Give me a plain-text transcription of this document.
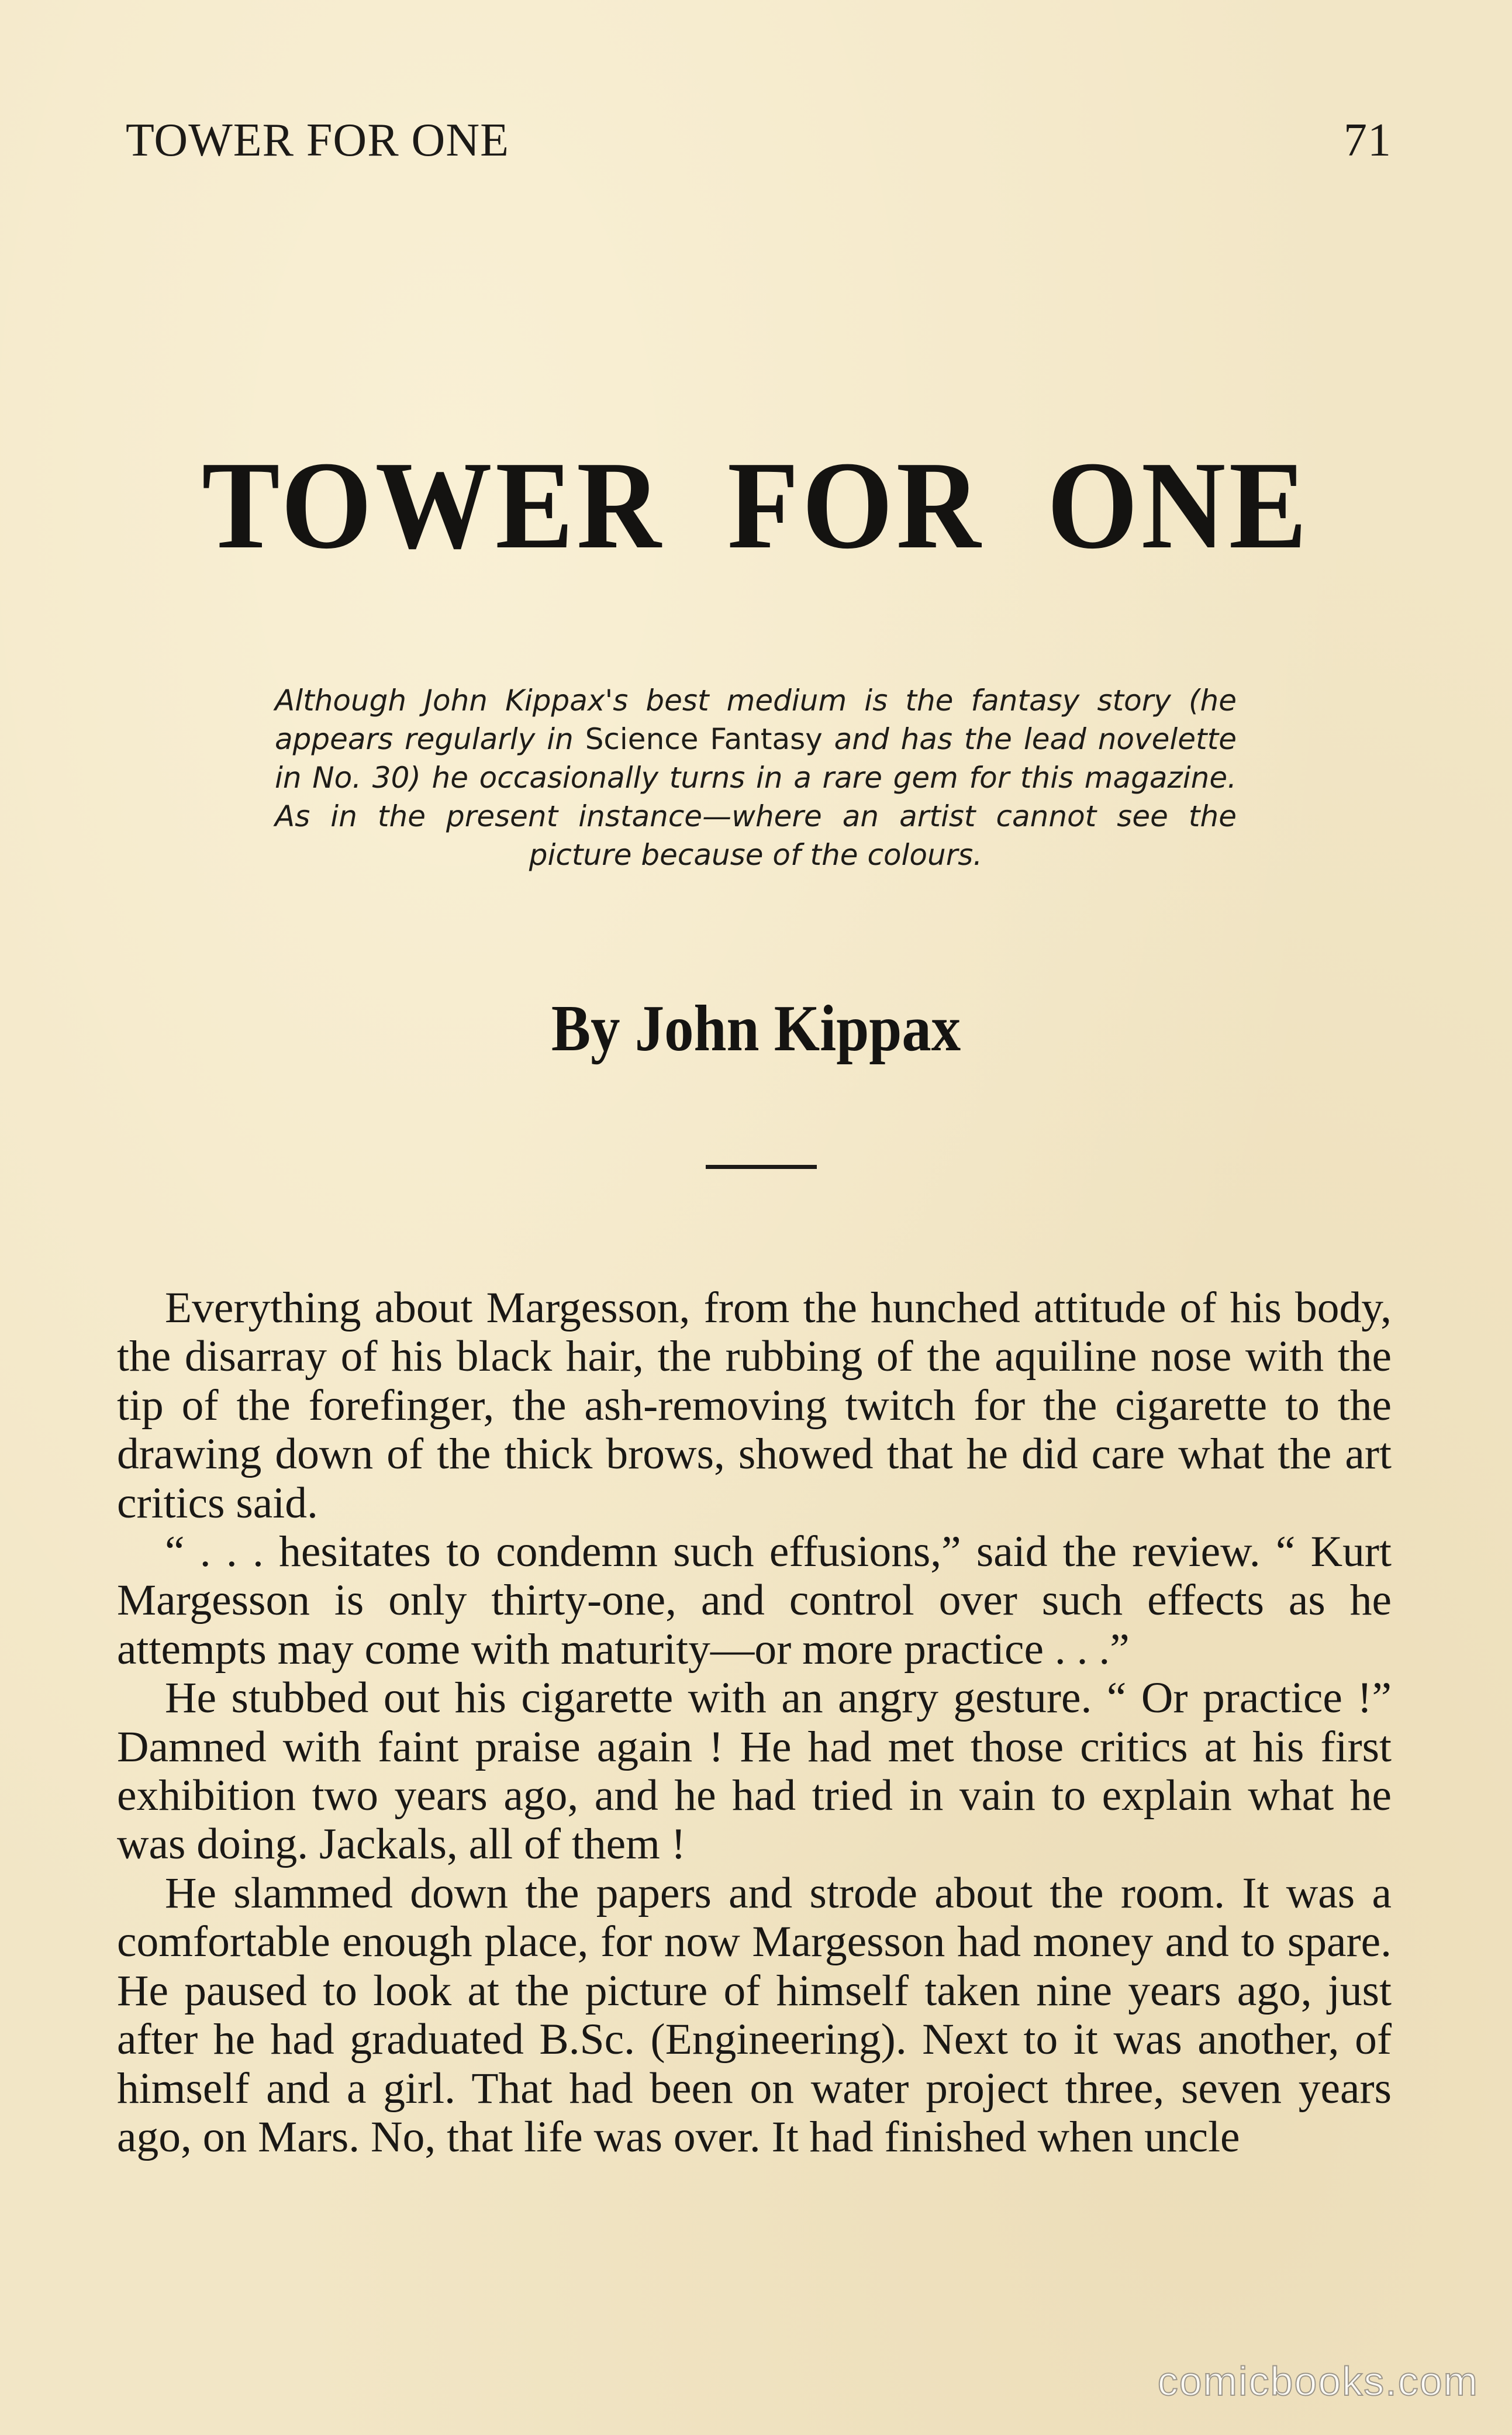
TOWER FOR ONE	71
TOWER FOR ONE
Although John Kippax's best medium is the fantasy story (he appears regularly in Science Fantasy and has the lead novelette in No. 30) he occasionally turns in a rare gem for this magazine. As in the present instance—where an artist cannot see the picture because of the colours.
By John Kippax

Everything about Margesson, from the hunched attitude of his body, the disarray of his black hair, the rubbing of the aquiline nose with the tip of the forefinger, the ash-removing twitch for the cigarette to the drawing down of the thick brows, showed that he did care what the art critics said.

“ . . . hesitates to condemn such effusions,” said the review. “ Kurt Margesson is only thirty-one, and control over such effects as he attempts may come with maturity—or more practice . . .”

He stubbed out his cigarette with an angry gesture. “ Or practice !” Damned with faint praise again ! He had met those critics at his first exhibition two years ago, and he had tried in vain to explain what he was doing. Jackals, all of them !

He slammed down the papers and strode about the room. It was a comfortable enough place, for now Margesson had money and to spare. He paused to look at the picture of himself taken nine years ago, just after he had graduated B.Sc. (Engineering). Next to it was another, of himself and a girl. That had been on water project three, seven years ago, on Mars. No, that life was over. It had finished when uncle

comicbooks.com
